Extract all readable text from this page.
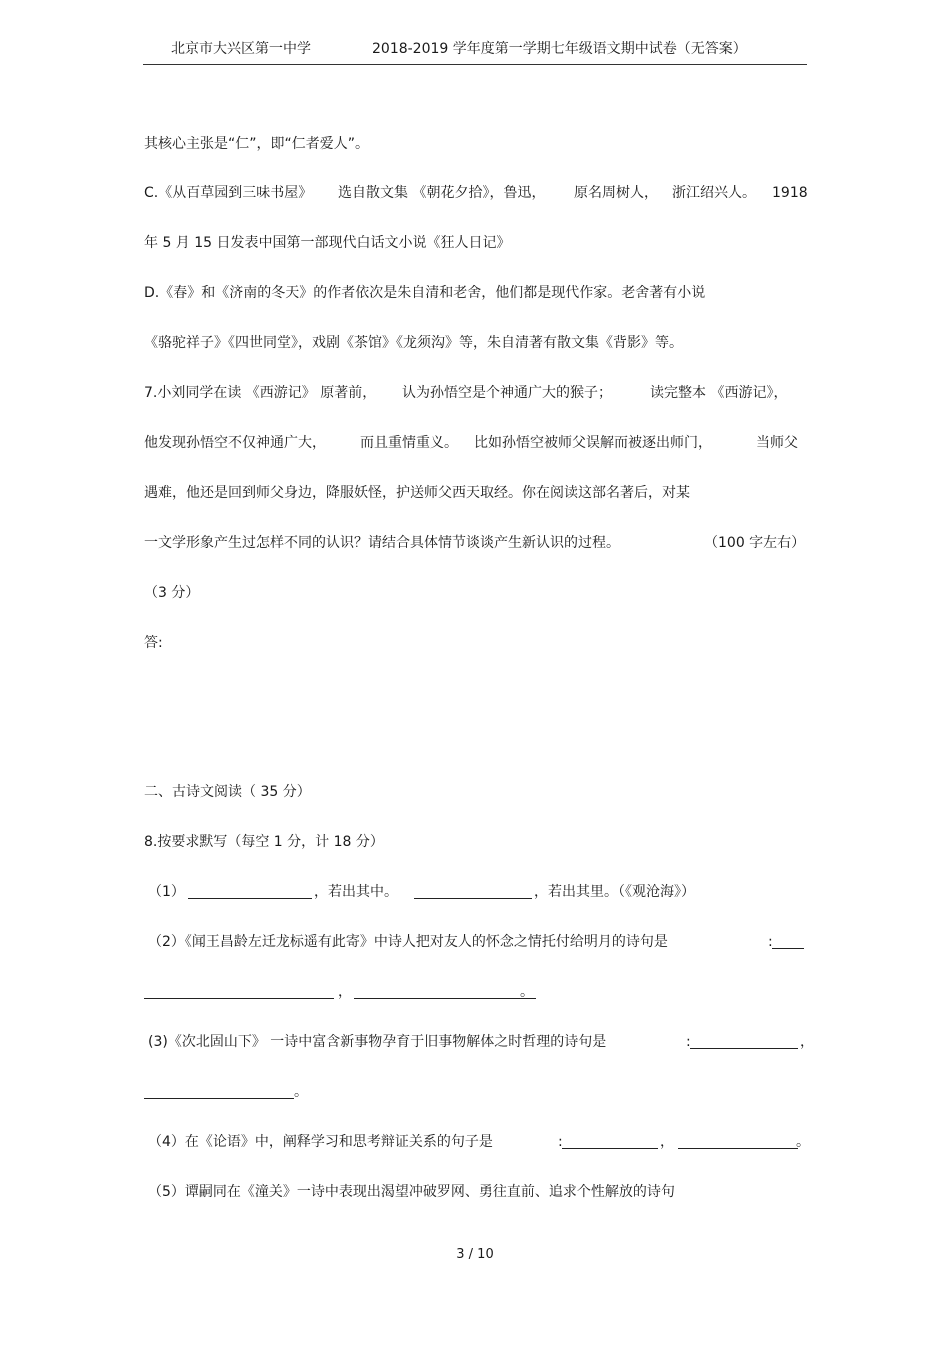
北京市大兴区第一中学	2018-2019 学年度第一学期七年级语文期中试卷（无答案）
其核心主张是“仁”，即“仁者爱人”。
C.《从百草园到三味书屋》 选自散文集 《朝花夕拾》，鲁迅， 原名周树人， 浙江绍兴人。 1918
年 5 月 15 日发表中国第一部现代白话文小说《狂人日记》
D.《春》和《济南的冬天》的作者依次是朱自清和老舍，他们都是现代作家。老舍著有小说
《骆驼祥子》《四世同堂》，戏剧《茶馆》《龙须沟》等，朱自清著有散文集《背影》等。
7.小刘同学在读 《西游记》 原著前， 认为孙悟空是个神通广大的猴子；	读完整本 《西游记》，
他发现孙悟空不仅神通广大， 而且重情重义。 比如孙悟空被师父误解而被逐出师门，	当师父
遇难，他还是回到师父身边，降服妖怪，护送师父西天取经。你在阅读这部名著后，对某
一文学形象产生过怎样不同的认识？请结合具体情节谈谈产生新认识的过程。	（100 字左右）
（3 分）
答:
二、古诗文阅读（ 35 分）
8.按要求默写（每空 1 分，计 18 分）
（1）	，若出其中。	，若出其里。（《观沧海》）
（2）《闻王昌龄左迁龙标遥有此寄》中诗人把对友人的怀念之情托付给明月的诗句是	:
，	。
(3)《次北固山下》 一诗中富含新事物孕育于旧事物解体之时哲理的诗句是	:	，
。
（4）在《论语》中，阐释学习和思考辩证关系的句子是	:	，	。
（5）谭嗣同在《潼关》一诗中表现出渴望冲破罗网、勇往直前、追求个性解放的诗句
3 / 10
